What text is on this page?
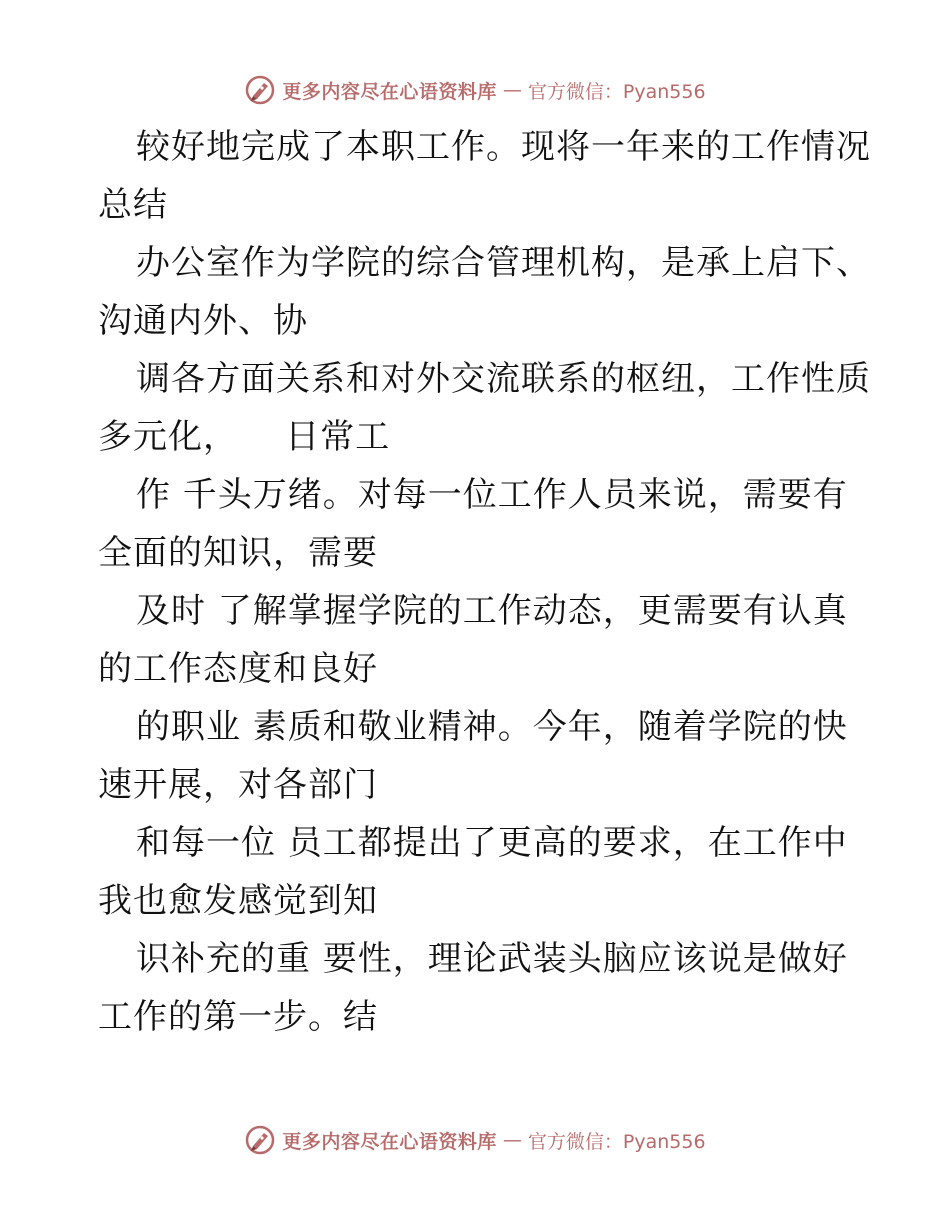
更多内容尽在心语资料库 — 官方微信：Pyan556
较好地完成了本职工作。现将一年来的工作情况
总结
办公室作为学院的综合管理机构，是承上启下、
沟通内外、协
调各方面关系和对外交流联系的枢纽，工作性质
多元化，    日常工
作 千头万绪。对每一位工作人员来说，需要有
全面的知识，需要
及时 了解掌握学院的工作动态，更需要有认真
的工作态度和良好
的职业 素质和敬业精神。今年，随着学院的快
速开展，对各部门
和每一位 员工都提出了更高的要求，在工作中
我也愈发感觉到知
识补充的重 要性，理论武装头脑应该说是做好
工作的第一步。结
更多内容尽在心语资料库 — 官方微信：Pyan556
